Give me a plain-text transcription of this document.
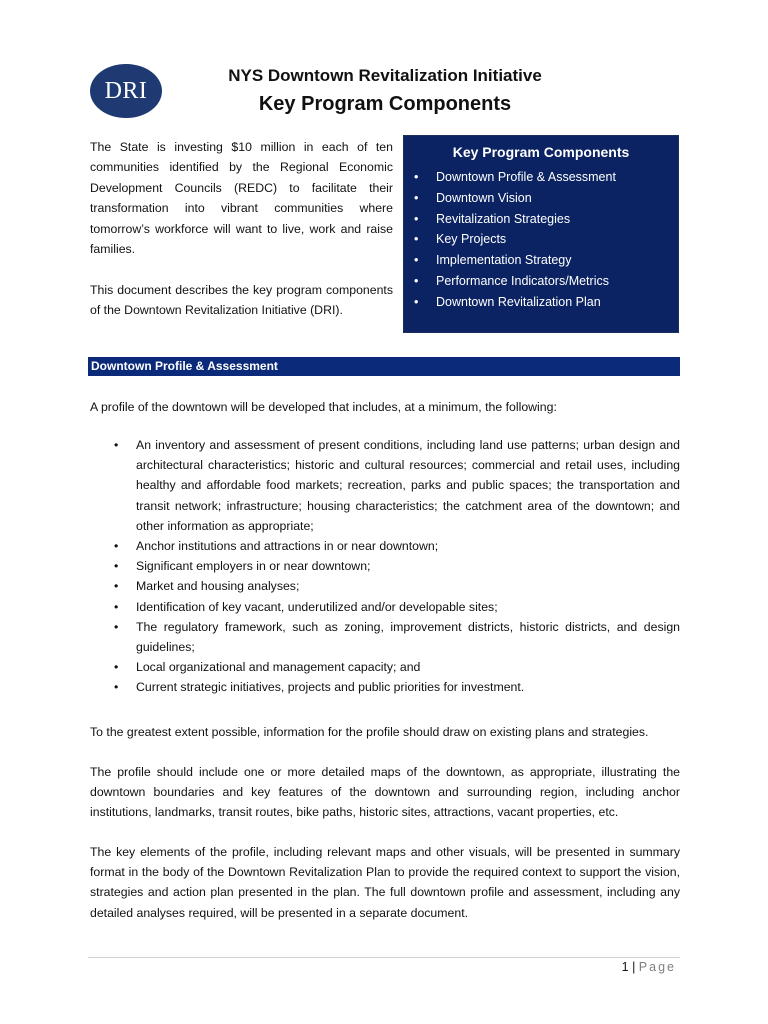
DRI
NYS Downtown Revitalization Initiative
Key Program Components

The State is investing $10 million in each of ten communities identified by the Regional Economic Development Councils (REDC) to facilitate their transformation into vibrant communities where tomorrow’s workforce will want to live, work and raise families.

This document describes the key program components of the Downtown Revitalization Initiative (DRI).

Key Program Components
• Downtown Profile & Assessment
• Downtown Vision
• Revitalization Strategies
• Key Projects
• Implementation Strategy
• Performance Indicators/Metrics
• Downtown Revitalization Plan
Downtown Profile & Assessment

A profile of the downtown will be developed that includes, at a minimum, the following:

• An inventory and assessment of present conditions, including land use patterns; urban design and architectural characteristics; historic and cultural resources; commercial and retail uses, including healthy and affordable food markets; recreation, parks and public spaces; the transportation and transit network; infrastructure; housing characteristics; the catchment area of the downtown; and other information as appropriate;
• Anchor institutions and attractions in or near downtown;
• Significant employers in or near downtown;
• Market and housing analyses;
• Identification of key vacant, underutilized and/or developable sites;
• The regulatory framework, such as zoning, improvement districts, historic districts, and design guidelines;
• Local organizational and management capacity; and
• Current strategic initiatives, projects and public priorities for investment.

To the greatest extent possible, information for the profile should draw on existing plans and strategies.

The profile should include one or more detailed maps of the downtown, as appropriate, illustrating the downtown boundaries and key features of the downtown and surrounding region, including anchor institutions, landmarks, transit routes, bike paths, historic sites, attractions, vacant properties, etc.

The key elements of the profile, including relevant maps and other visuals, will be presented in summary format in the body of the Downtown Revitalization Plan to provide the required context to support the vision, strategies and action plan presented in the plan. The full downtown profile and assessment, including any detailed analyses required, will be presented in a separate document.

1 | Page
